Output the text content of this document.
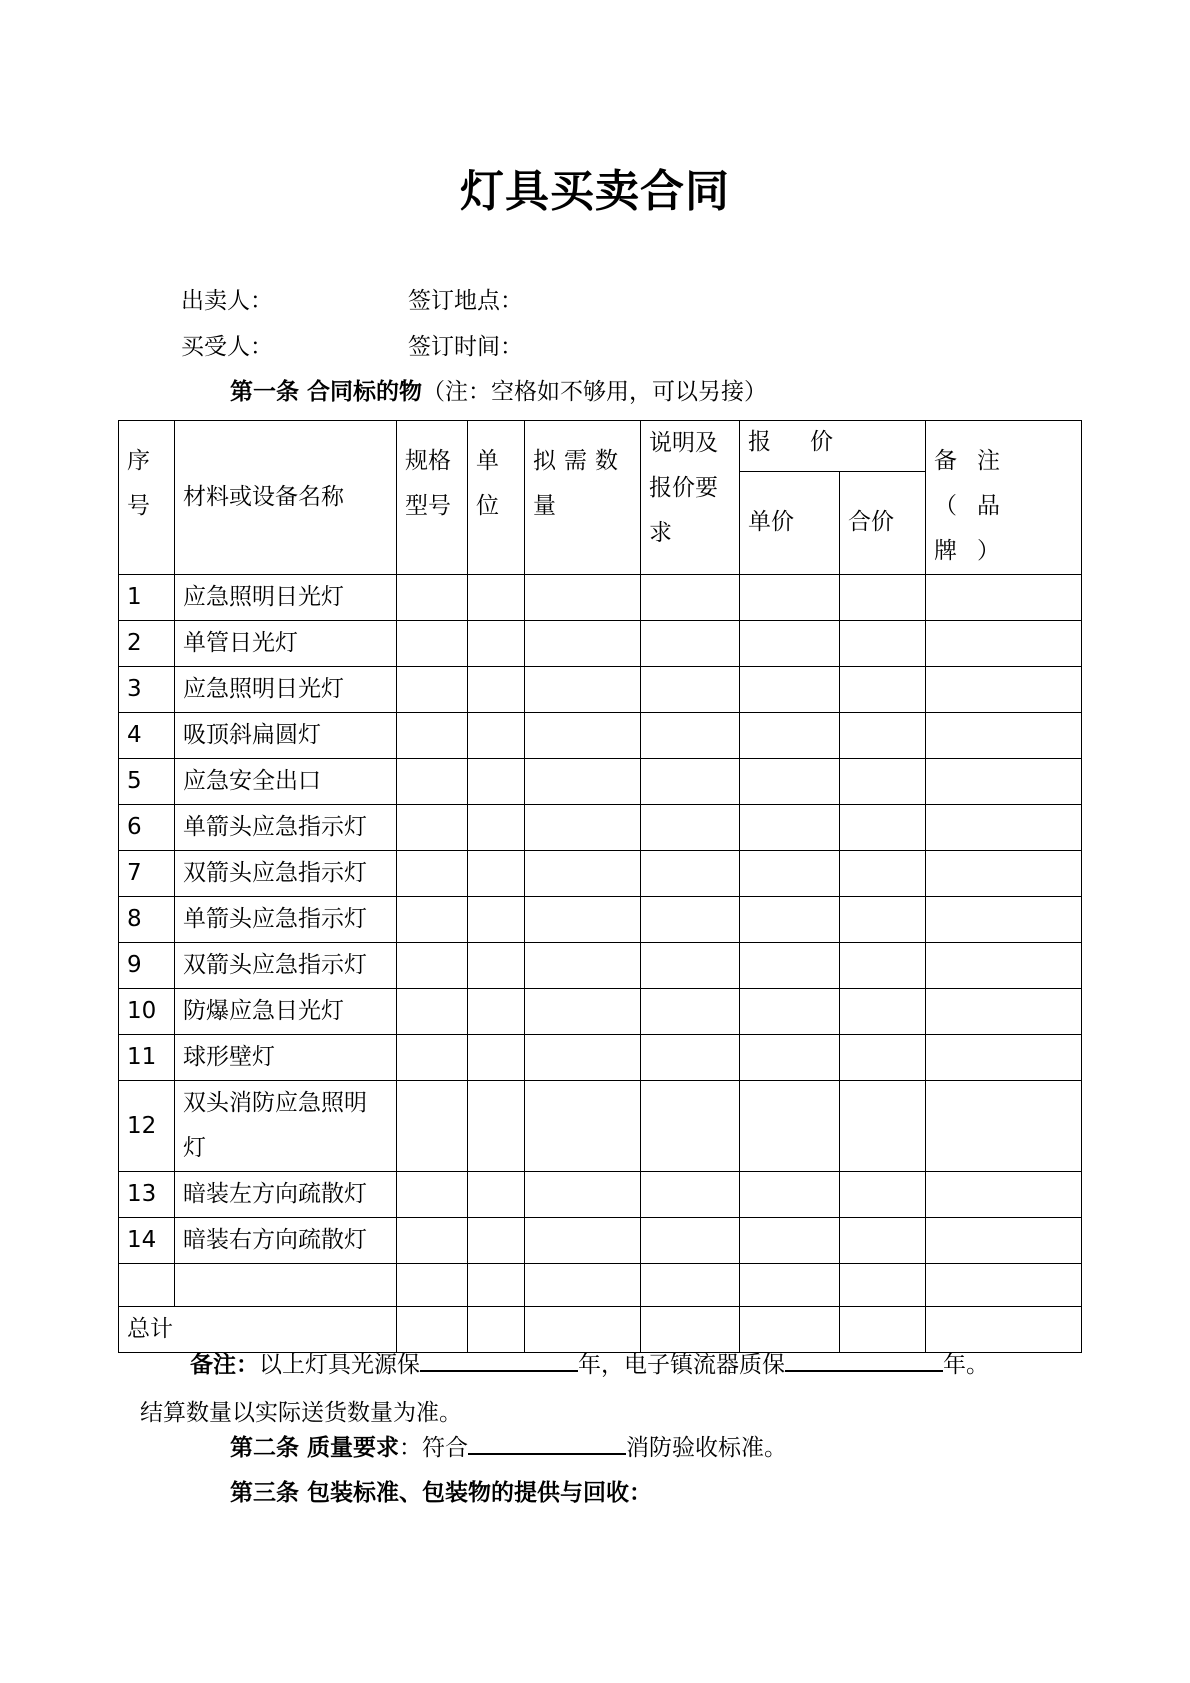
灯具买卖合同
出卖人：	签订地点：
买受人：	签订时间：
第一条 合同标的物（注：空格如不够用，可以另接）
序号	材料或设备名称	规格型号	单位	拟需数量	说明及报价要求	报　价		备注（品牌）

						单价	合价	
1	应急照明日光灯							
2	单管日光灯							
3	应急照明日光灯							
4	吸顶斜扁圆灯							
5	应急安全出口							
6	单箭头应急指示灯							
7	双箭头应急指示灯							
8	单箭头应急指示灯							
9	双箭头应急指示灯							
10	防爆应急日光灯							
11	球形壁灯							
12	双头消防应急照明灯							

13	暗装左方向疏散灯							
14	暗装右方向疏散灯							

总计								
备注：以上灯具光源保	年，电子镇流器质保	年。
结算数量以实际送货数量为准。
第二条 质量要求：符合	消防验收标准。
第三条 包装标准、包装物的提供与回收：
